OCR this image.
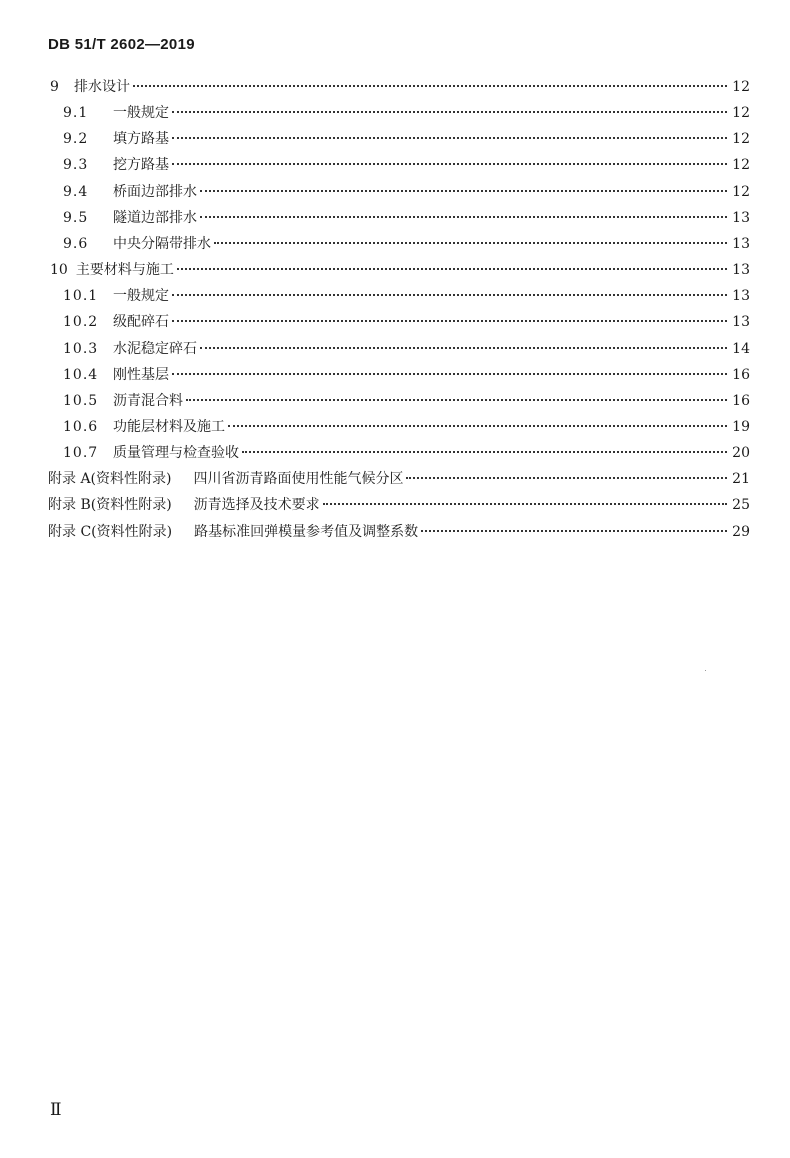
DB 51/T 2602—2019
9	排水设计	12
9.1	一般规定	12
9.2	填方路基	12
9.3	挖方路基	12
9.4	桥面边部排水	12
9.5	隧道边部排水	13
9.6	中央分隔带排水	13
10 主要材料与施工	13
10.1	一般规定	13
10.2	级配碎石	13
10.3	水泥稳定碎石	14
10.4	刚性基层	16
10.5	沥青混合料	16
10.6	功能层材料及施工	19
10.7	质量管理与检查验收	20
附录 A(资料性附录)	四川省沥青路面使用性能气候分区	21
附录 B(资料性附录)	沥青选择及技术要求	25
附录 C(资料性附录)	路基标准回弹模量参考值及调整系数	29
Ⅱ
